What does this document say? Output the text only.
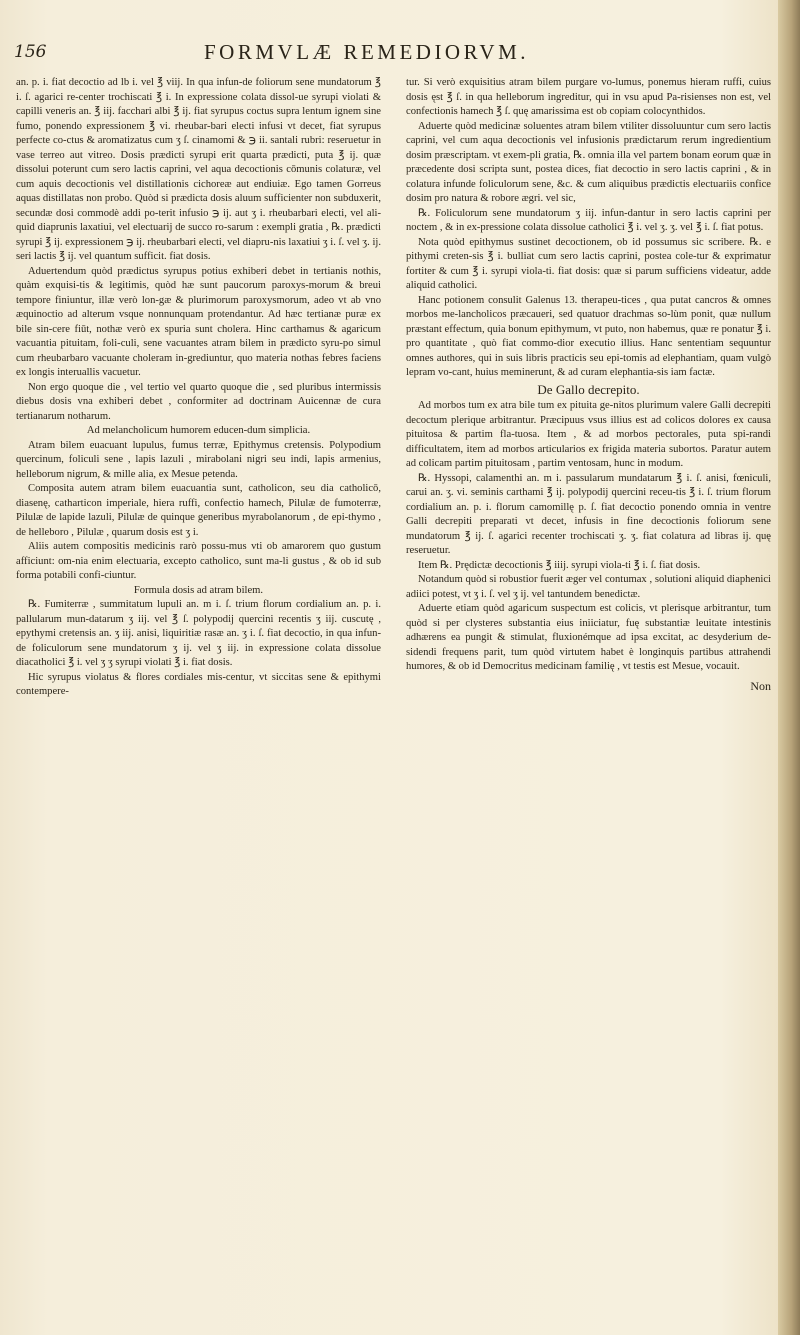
156	FORMVLÆ REMEDIORVM.

an. p. i. fiat decoctio ad lb i. vel ℥ viij. In qua infun-de foliorum sene mundatorum ℥ i. ſ. agarici re-center trochiscati ℥ i. In expressione colata dissol-ue syrupi violati & capilli veneris an. ℥ iij. facchari albi ℥ ij. fiat syrupus coctus supra lentum ignem sine fumo, ponendo expressionem ℥ vi. rheubar-bari electi infusi vt decet, fiat syrupus perfecte co-ctus & aromatizatus cum ʒ ſ. cinamomi & ℈ ii. santali rubri: reseruetur in vase terreo aut vitreo. Dosis prædicti syrupi erit quarta prædicti, puta ℥ ij. quæ dissolui poterunt cum sero lactis caprini, vel aqua decoctionis cōmunis colaturæ, vel cum aquis decoctionis vel distillationis cichoreæ aut endiuiæ. Ego tamen Gorreus aquas distillatas non probo. Quòd si prædicta dosis aluum sufficienter non subduxerit, secundæ dosi commodè addi po-terit infusio ℈ ij. aut ʒ i. rheubarbari electi, vel ali-quid diaprunis laxatiui, vel electuarij de succo ro-sarum : exempli gratia , ℞. prædicti syrupi ℥ ij. expressionem ℈ ij. rheubarbari electi, vel diapru-nis laxatiui ʒ i. ſ. vel ʒ. ij. seri lactis ℥ ij. vel quantum sufficit. fiat dosis.

Aduertendum quòd prædictus syrupus potius exhiberi debet in tertianis nothis, quàm exquisi-tis & legitimis, quòd hæ sunt paucorum paroxys-morum & breui tempore finiuntur, illæ verò lon-gæ & plurimorum paroxysmorum, adeo vt ab vno æquinoctio ad alterum vsque nonnunquam protendantur. Ad hæc tertianæ puræ ex bile sin-cere fiūt, nothæ verò ex spuria sunt cholera. Hinc carthamus & agaricum vacuantia pituitam, foli-culi, sene vacuantes atram bilem in prædicto syru-po simul cum rheubarbaro vacuante choleram in-grediuntur, quo materia nothas febres faciens ex longis interuallis vacuetur.

Non ergo quoque die , vel tertio vel quarto quoque die , sed pluribus intermissis diebus dosis vna exhiberi debet , conformiter ad doctrinam Auicennæ de cura tertianarum notharum.

Ad melancholicum humorem educen-dum simplicia.

Atram bilem euacuant lupulus, fumus terræ, Epithymus cretensis. Polypodium quercinum, foliculi sene , lapis lazuli , mirabolani nigri seu indi, lapis armenius, helleborum nigrum, & mille alia, ex Mesue petenda.

Composita autem atram bilem euacuantia sunt, catholicon, seu dia catholicō, diasenę, catharticon imperiale, hiera ruffi, confectio hamech, Pilulæ de fumoterræ, Pilulæ de lapide lazuli, Pilulæ de quinque generibus myrabolanorum , de epi-thymo , de helleboro , Pilulæ , quarum dosis est ʒ i.

Aliis autem compositis medicinis rarò possu-mus vti ob amarorem quo gustum afficiunt: om-nia enim electuaria, excepto catholico, sunt ma-li gustus , & ob id sub forma potabili confi-ciuntur.

Formula dosis ad atram bilem.

℞. Fumiterræ , summitatum lupuli an. m i. ſ. trium florum cordialium an. p. i. pallularum mun-datarum ʒ iij. vel ℥ ſ. polypodij quercini recentis ʒ iij. cuscutę , epythymi cretensis an. ʒ iij. anisi, liquiritiæ rasæ an. ʒ i. ſ. fiat decoctio, in qua infun-de foliculorum sene mundatorum ʒ ij. vel ʒ iij. in expressione colata dissolue diacatholici ℥ i. vel ʒ ʒ syrupi violati ℥ i. fiat dosis.

Hic syrupus violatus & flores cordiales mis-centur, vt siccitas sene & epithymi contempere-

tur. Si verò exquisitius atram bilem purgare vo-lumus, ponemus hieram ruffi, cuius dosis ęst ℥ ſ. in qua helleborum ingreditur, qui in vsu apud Pa-risienses non est, vel confectionis hamech ℥ ſ. quę amarissima est ob copiam colocynthidos.

Aduerte quòd medicinæ soluentes atram bilem vtiliter dissoluuntur cum sero lactis caprini, vel cum aqua decoctionis vel infusionis prædictarum rerum ingredientium dosim præscriptam. vt exem-pli gratia, ℞. omnia illa vel partem bonam eorum quæ in præcedente dosi scripta sunt, postea dices, fiat decoctio in sero lactis caprini , & in colatura infunde foliculorum sene, &c. & cum aliquibus prædictis electuariis confice dosim pro natura & robore ægri. vel sic,

℞. Foliculorum sene mundatorum ʒ iij. infun-dantur in sero lactis caprini per noctem , & in ex-pressione colata dissolue catholici ℥ i. vel ʒ. ʒ. vel ℥ i. ſ. fiat potus.

Nota quòd epithymus sustinet decoctionem, ob id possumus sic scribere. ℞. e pithymi creten-sis ℥ i. bulliat cum sero lactis caprini, postea cole-tur & exprimatur fortiter & cum ℥ i. syrupi viola-ti. fiat dosis: quæ si parum sufficiens videatur, adde aliquid catholici.

Hanc potionem consulit Galenus 13. therapeu-tices , qua putat cancros & omnes morbos me-lancholicos præcaueri, sed quatuor drachmas so-lùm ponit, quæ nullum præstant effectum, quia bonum epithymum, vt puto, non habemus, quæ re ponatur ℥ i. pro quantitate , quò fiat commo-dior executio illius. Hanc sententiam sequuntur omnes authores, qui in suis libris practicis seu epi-tomis ad elephantiam, quam vulgò lepram vo-cant, huius meminerunt, & ad curam elephantia-sis iam factæ.

De Gallo decrepito.

Ad morbos tum ex atra bile tum ex pituita ge-nitos plurimum valere Galli decrepiti decoctum plerique arbitrantur. Præcipuus vsus illius est ad colicos dolores ex causa pituitosa & partim fla-tuosa. Item , & ad morbos pectorales, puta spi-randi difficultatem, item ad morbos articularios ex frigida materia subortos. Paratur autem ad colicam partim pituitosam , partim ventosam, hunc in modum.

℞. Hyssopi, calamenthi an. m i. passularum mundatarum ℥ i. ſ. anisi, fœniculi, carui an. ʒ. vi. seminis carthami ℥ ij. polypodij quercini receu-tis ℥ i. ſ. trium florum cordialium an. p. i. florum camomillę p. ſ. fiat decoctio ponendo omnia in ventre Galli decrepiti preparati vt decet, infusis in fine decoctionis foliorum sene mundatorum ℥ ij. ſ. agarici recenter trochiscati ʒ. ʒ. fiat colatura ad libras ij. quę reseruetur.

Item ℞. Prędictæ decoctionis ℥ iiij. syrupi viola-ti ℥ i. ſ. fiat dosis.

Notandum quòd si robustior fuerit æger vel contumax , solutioni aliquid diaphenici adiici potest, vt ʒ i. ſ. vel ʒ ij. vel tantundem benedictæ.

Aduerte etiam quòd agaricum suspectum est colicis, vt plerisque arbitrantur, tum quòd si per clysteres substantia eius iniiciatur, fuę substantiæ leuitate intestinis adhærens ea pungit & stimulat, fluxionémque ad ipsa excitat, ac desyderium de-sidendi frequens parit, tum quòd virtutem habet è longinquis partibus attrahendi humores, & ob id Democritus medicinam familię , vt testis est Mesue, vocauit.

Non
